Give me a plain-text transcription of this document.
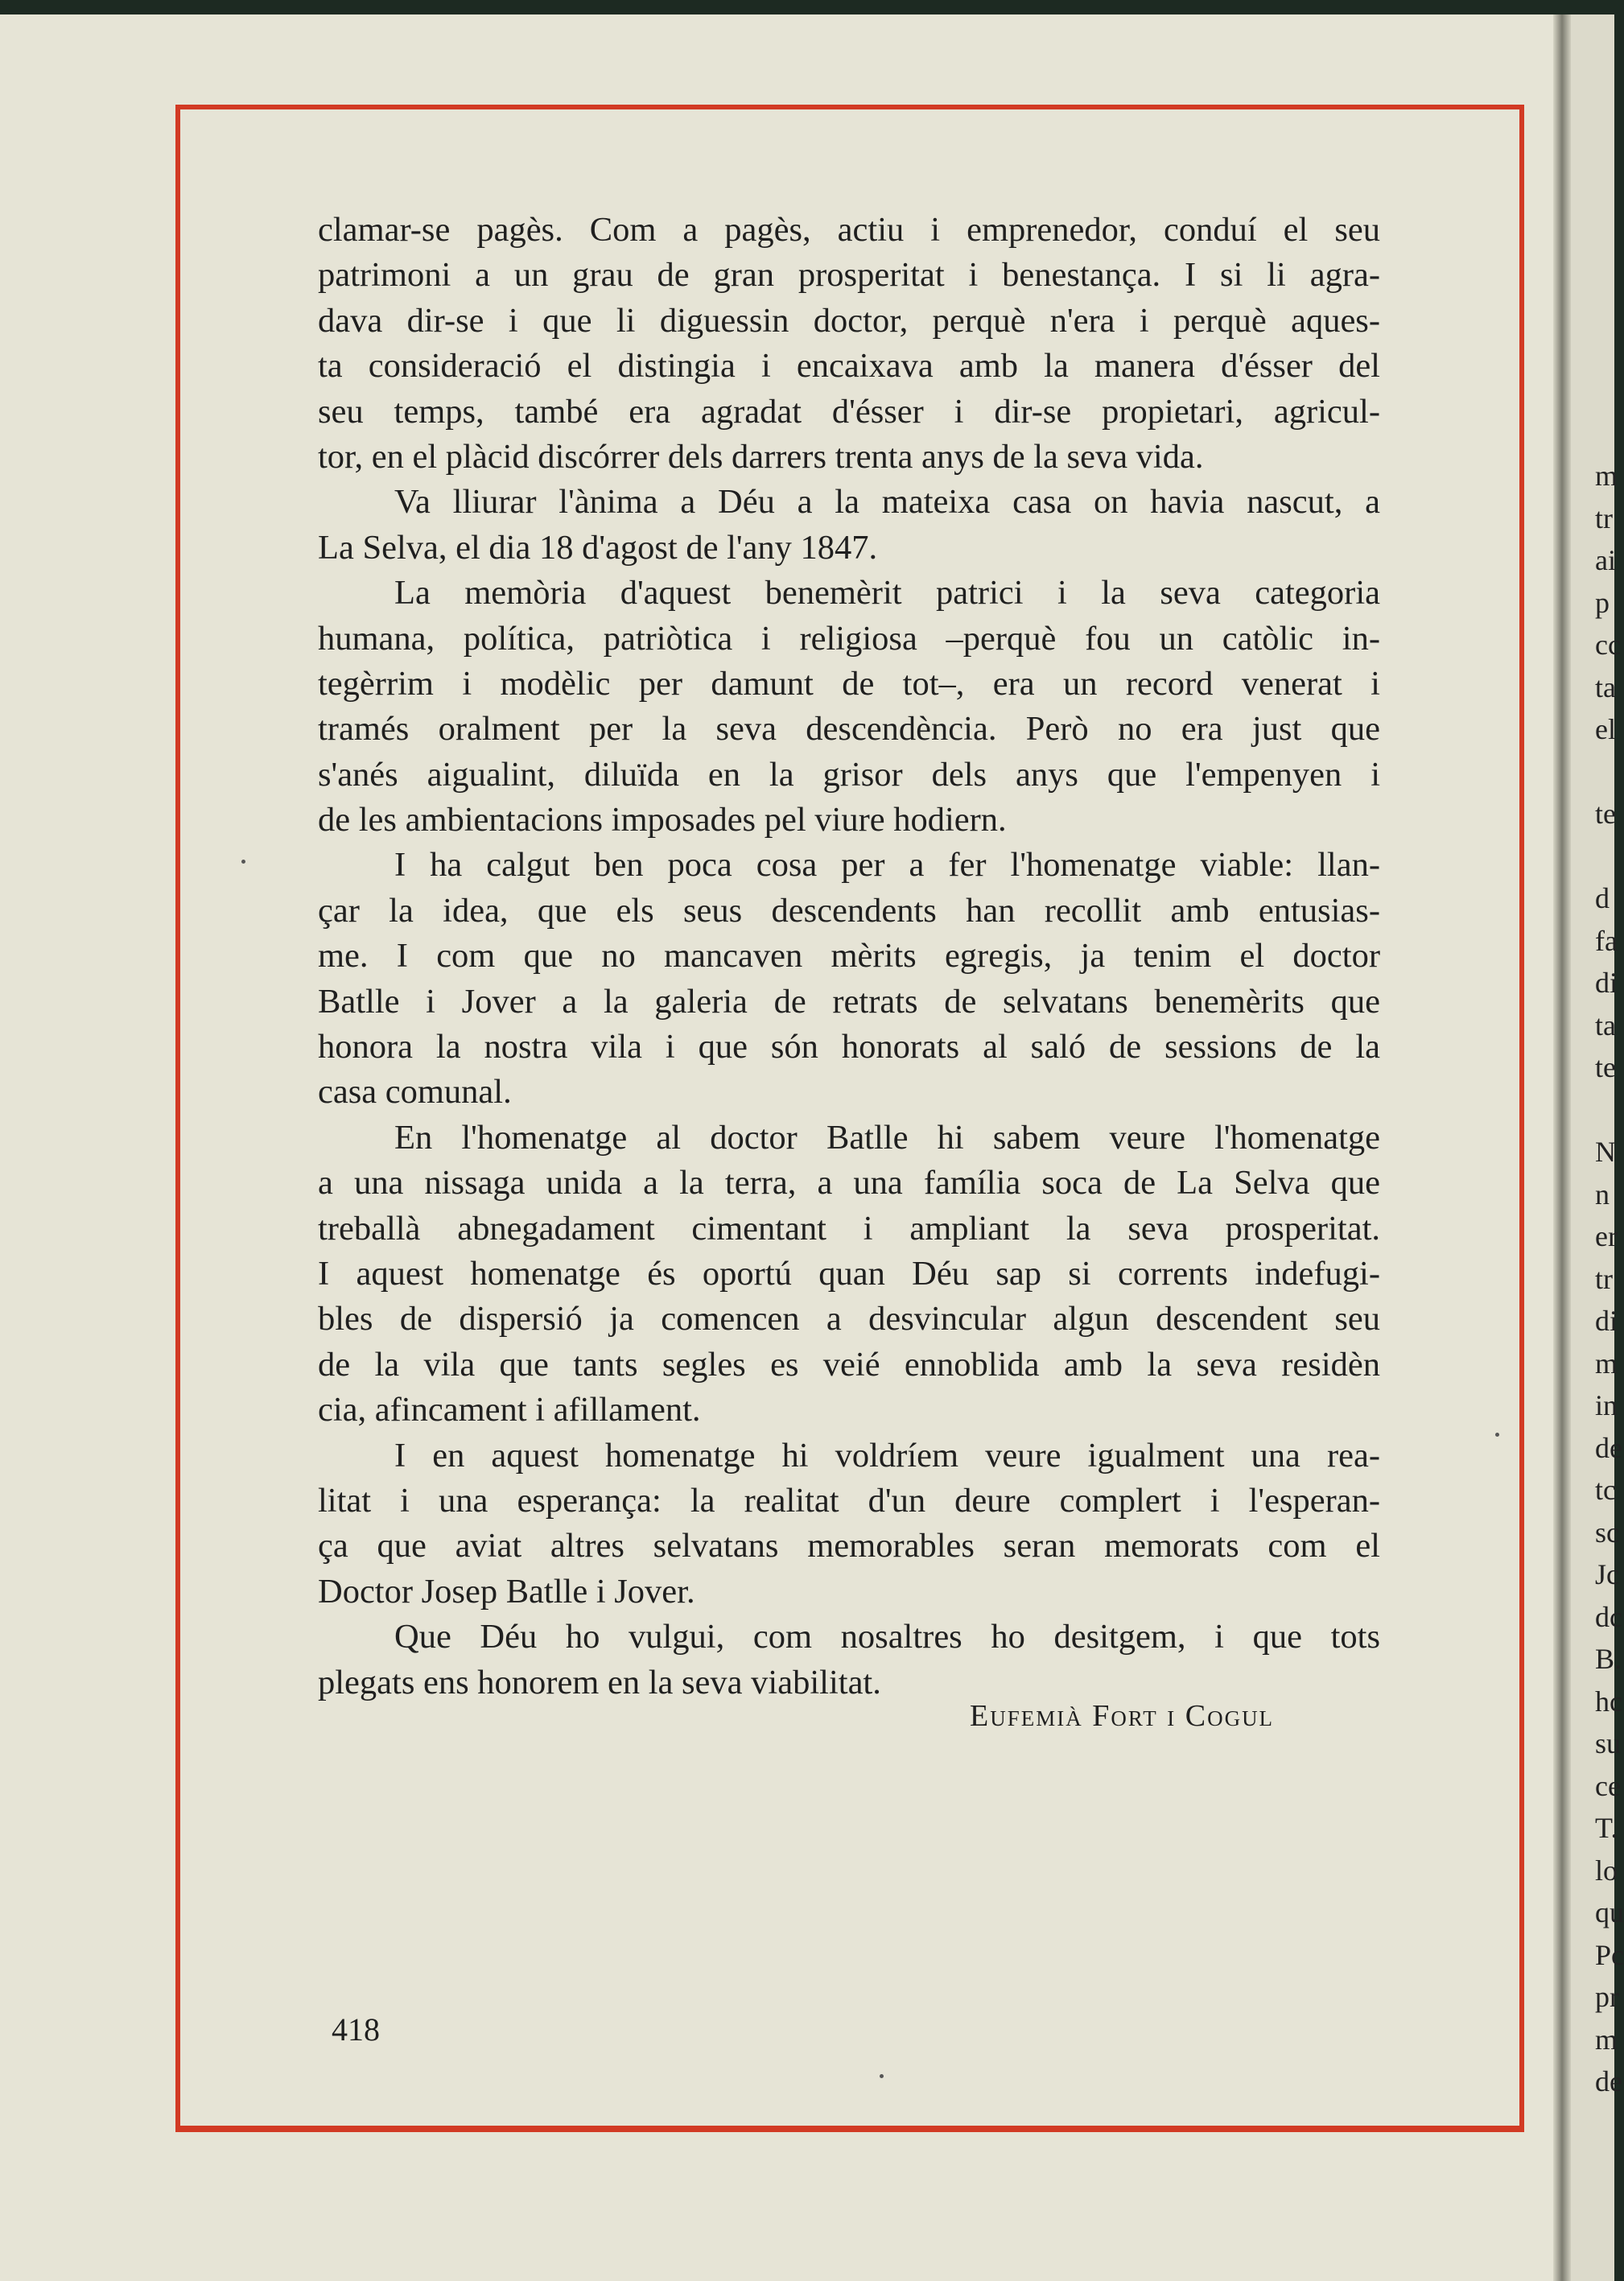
m
tr
ai
p
cc
ta
el
te
d
fa
di
ta
te
N
n
er
tr
di
m
in
de
tc
sc
Jc
dc
B.
hc
su
ce
T.
lo
qu
Pc
pr
m
de
clamar-se pagès. Com a pagès, actiu i emprenedor, conduí el seu
patrimoni a un grau de gran prosperitat i benestança. I si li agra-
dava dir-se i que li diguessin doctor, perquè n'era i perquè aques-
ta consideració el distingia i encaixava amb la manera d'ésser del
seu temps, també era agradat d'ésser i dir-se propietari, agricul-
tor, en el plàcid discórrer dels darrers trenta anys de la seva vida.
Va lliurar l'ànima a Déu a la mateixa casa on havia nascut, a
La Selva, el dia 18 d'agost de l'any 1847.
La memòria d'aquest benemèrit patrici i la seva categoria
humana, política, patriòtica i religiosa –perquè fou un catòlic in-
tegèrrim i modèlic per damunt de tot–, era un record venerat i
tramés oralment per la seva descendència. Però no era just que
s'anés aigualint, diluïda en la grisor dels anys que l'empenyen i
de les ambientacions imposades pel viure hodiern.
I ha calgut ben poca cosa per a fer l'homenatge viable: llan-
çar la idea, que els seus descendents han recollit amb entusias-
me. I com que no mancaven mèrits egregis, ja tenim el doctor
Batlle i Jover a la galeria de retrats de selvatans benemèrits que
honora la nostra vila i que són honorats al saló de sessions de la
casa comunal.
En l'homenatge al doctor Batlle hi sabem veure l'homenatge
a una nissaga unida a la terra, a una família soca de La Selva que
treballà abnegadament cimentant i ampliant la seva prosperitat.
I aquest homenatge és oportú quan Déu sap si corrents indefugi-
bles de dispersió ja comencen a desvincular algun descendent seu
de la vila que tants segles es veié ennoblida amb la seva residèn
cia, afincament i afillament.
I en aquest homenatge hi voldríem veure igualment una rea-
litat i una esperança: la realitat d'un deure complert i l'esperan-
ça que aviat altres selvatans memorables seran memorats com el
Doctor Josep Batlle i Jover.
Que Déu ho vulgui, com nosaltres ho desitgem, i que tots
plegats ens honorem en la seva viabilitat.
Eufemià Fort i Cogul
418
